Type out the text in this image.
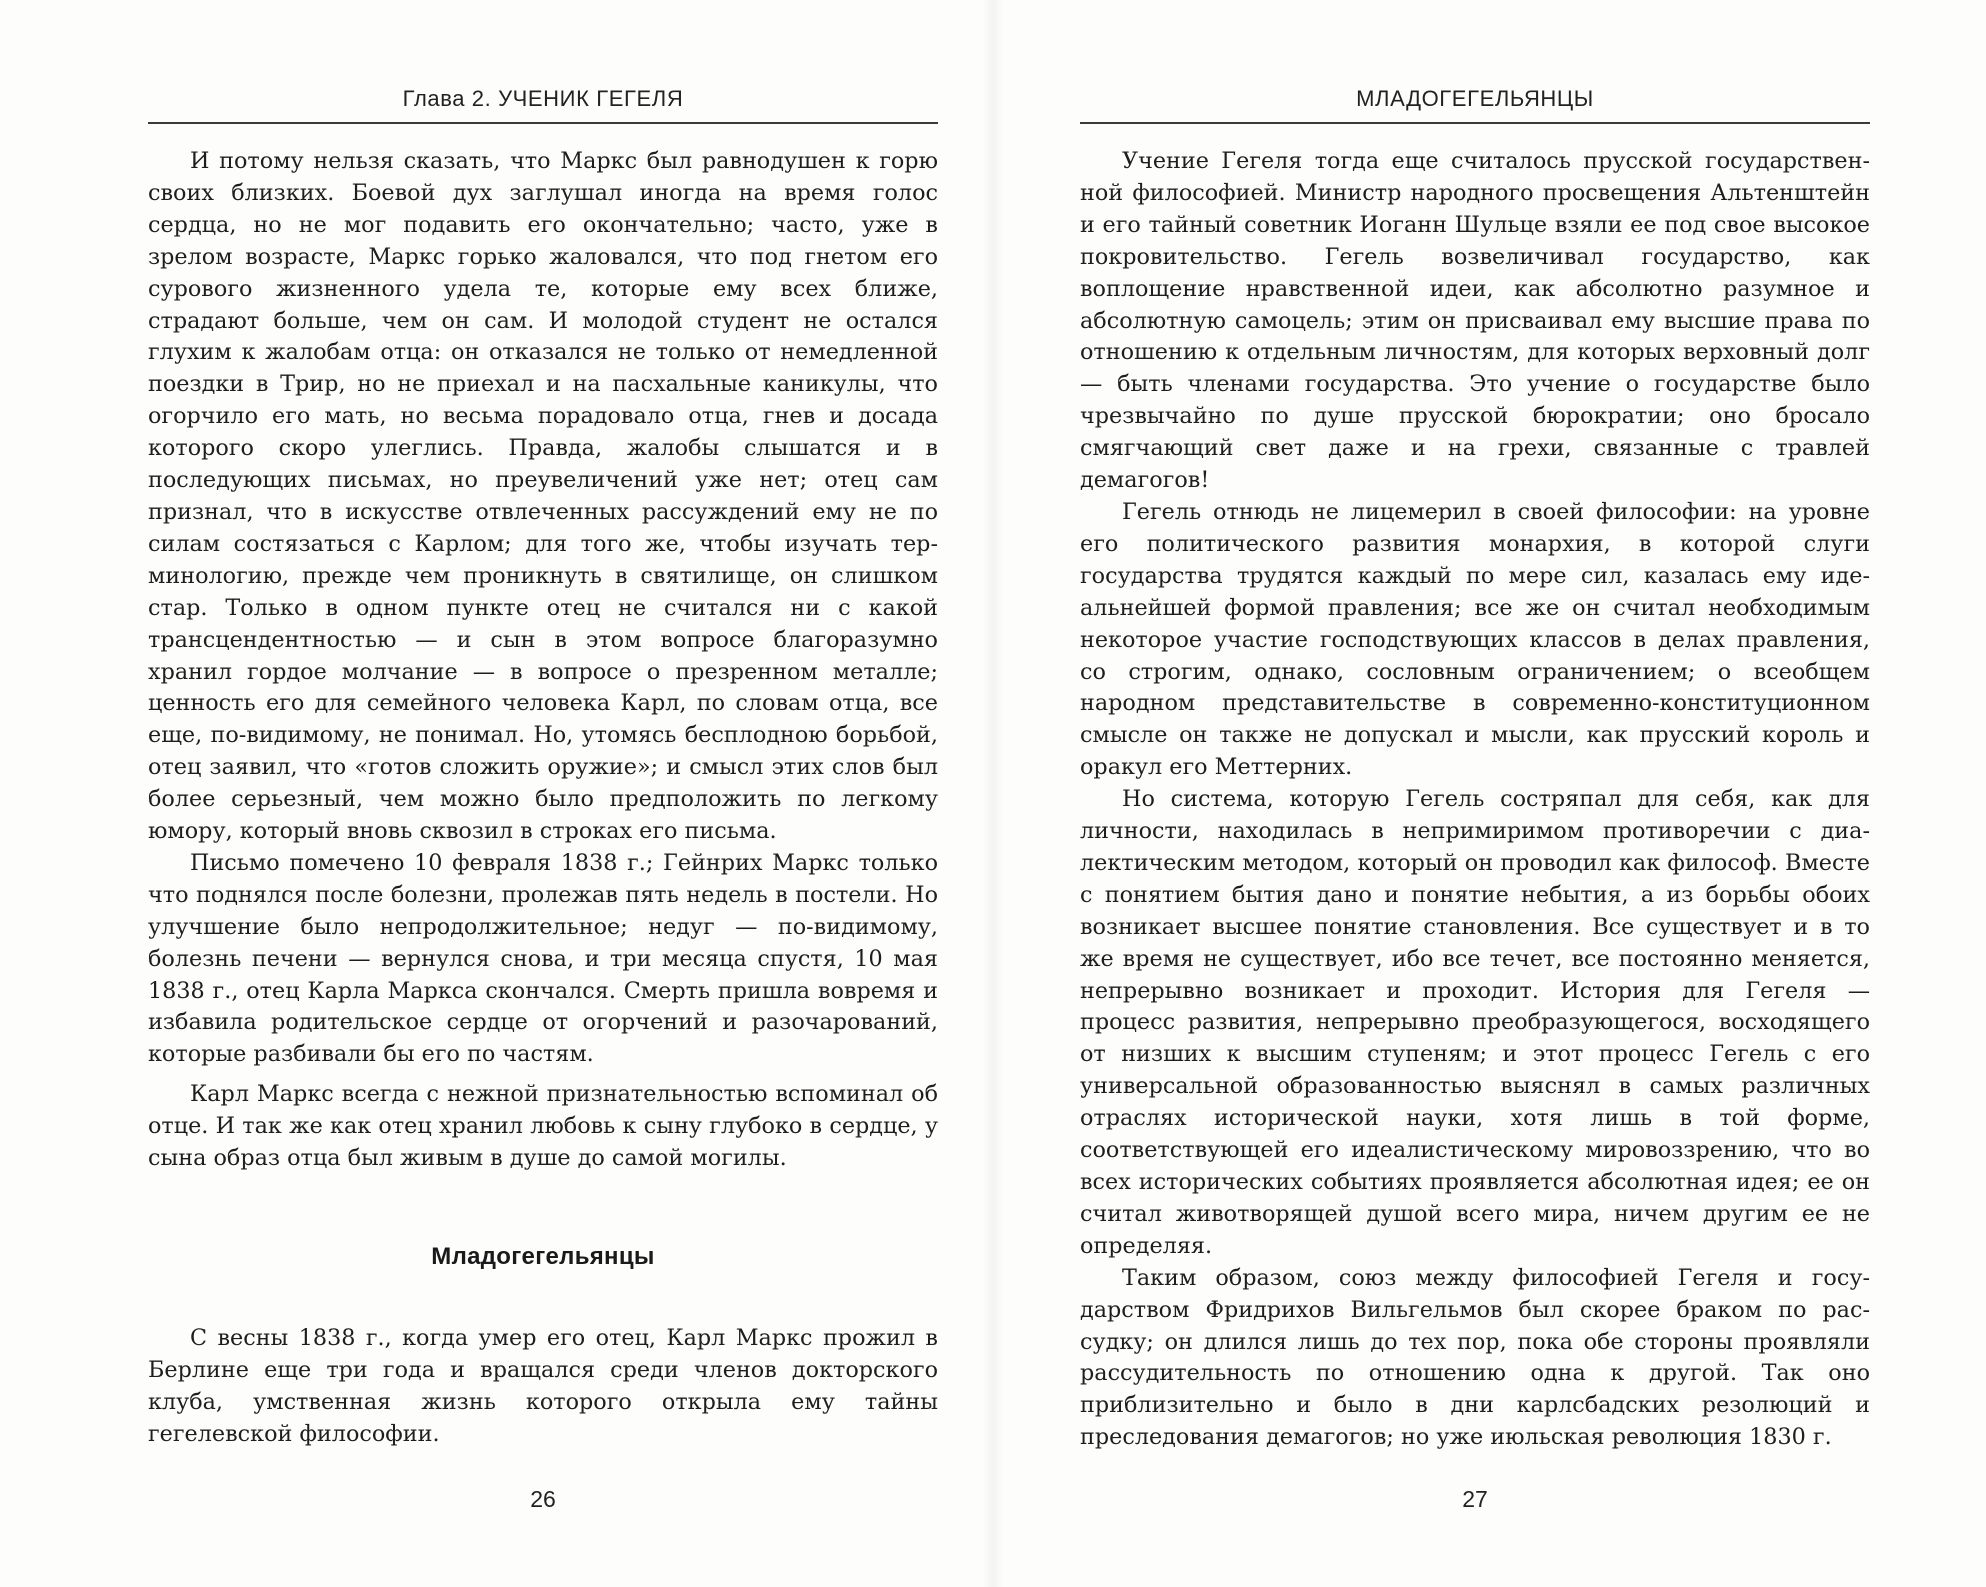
Глава 2. УЧЕНИК ГЕГЕЛЯ

И потому нельзя сказать, что Маркс был равнодушен к горю своих близких. Боевой дух заглушал иногда на время голос сердца, но не мог подавить его окончательно; часто, уже в зрелом возрасте, Маркс горько жаловался, что под гнетом его сурового жизненного удела те, которые ему всех ближе, страдают больше, чем он сам. И молодой студент не остался глухим к жалобам отца: он отказался не только от немедленной поездки в Трир, но не приехал и на пасхальные каникулы, что огорчило его мать, но весьма порадовало отца, гнев и досада которого скоро улеглись. Правда, жалобы слышатся и в последующих письмах, но преувеличений уже нет; отец сам признал, что в искусстве отвлеченных рассуждений ему не по силам состязаться с Карлом; для того же, чтобы изучать терминологию, прежде чем проникнуть в святилище, он слишком стар. Только в одном пункте отец не считался ни с какой трансцендентностью — и сын в этом вопросе благоразумно хранил гордое молчание — в вопросе о презренном металле; ценность его для семейного человека Карл, по словам отца, все еще, по-видимому, не понимал. Но, утомясь бесплодною борьбой, отец заявил, что «готов сложить оружие»; и смысл этих слов был более серьезный, чем можно было предположить по легкому юмору, который вновь сквозил в строках его письма.

Письмо помечено 10 февраля 1838 г.; Гейнрих Маркс только что поднялся после болезни, пролежав пять недель в постели. Но улучшение было непродолжительное; недуг — по-видимому, болезнь печени — вернулся снова, и три месяца спустя, 10 мая 1838 г., отец Карла Маркса скончался. Смерть пришла вовремя и избавила родительское сердце от огорчений и разочарований, которые разбивали бы его по частям.

Карл Маркс всегда с нежной признательностью вспоминал об отце. И так же как отец хранил любовь к сыну глубоко в сердце, у сына образ отца был живым в душе до самой могилы.

Младогегельянцы

С весны 1838 г., когда умер его отец, Карл Маркс прожил в Берлине еще три года и вращался среди членов докторского клуба, умственная жизнь которого открыла ему тайны гегелевской философии.

26
МЛАДОГЕГЕЛЬЯНЦЫ

Учение Гегеля тогда еще считалось прусской государственной философией. Министр народного просвещения Альтенштейн и его тайный советник Иоганн Шульце взяли ее под свое высокое покровительство. Гегель возвеличивал государство, как воплощение нравственной идеи, как абсолютно разумное и абсолютную самоцель; этим он присваивал ему высшие права по отношению к отдельным личностям, для которых верховный долг — быть членами государства. Это учение о государстве было чрезвычайно по душе прусской бюрократии; оно бросало смягчающий свет даже и на грехи, связанные с травлей демагогов!

Гегель отнюдь не лицемерил в своей философии: на уровне его политического развития монархия, в которой слуги государства трудятся каждый по мере сил, казалась ему идеальнейшей формой правления; все же он считал необходимым некоторое участие господствующих классов в делах правления, со строгим, однако, сословным ограничением; о всеобщем народном представительстве в современно-конституционном смысле он также не допускал и мысли, как прусский король и оракул его Меттерних.

Но система, которую Гегель состряпал для себя, как для личности, находилась в непримиримом противоречии с диалектическим методом, который он проводил как философ. Вместе с понятием бытия дано и понятие небытия, а из борьбы обоих возникает высшее понятие становления. Все существует и в то же время не существует, ибо все течет, все постоянно меняется, непрерывно возникает и проходит. История для Гегеля — процесс развития, непрерывно преобразующегося, восходящего от низших к высшим ступеням; и этот процесс Гегель с его универсальной образованностью выяснял в самых различных отраслях исторической науки, хотя лишь в той форме, соответствующей его идеалистическому мировоззрению, что во всех исторических событиях проявляется абсолютная идея; ее он считал животворящей душой всего мира, ничем другим ее не определяя.

Таким образом, союз между философией Гегеля и государством Фридрихов Вильгельмов был скорее браком по рассудку; он длился лишь до тех пор, пока обе стороны проявляли рассудительность по отношению одна к другой. Так оно приблизительно и было в дни карлсбадских резолюций и преследования демагогов; но уже июльская революция 1830 г.

27
